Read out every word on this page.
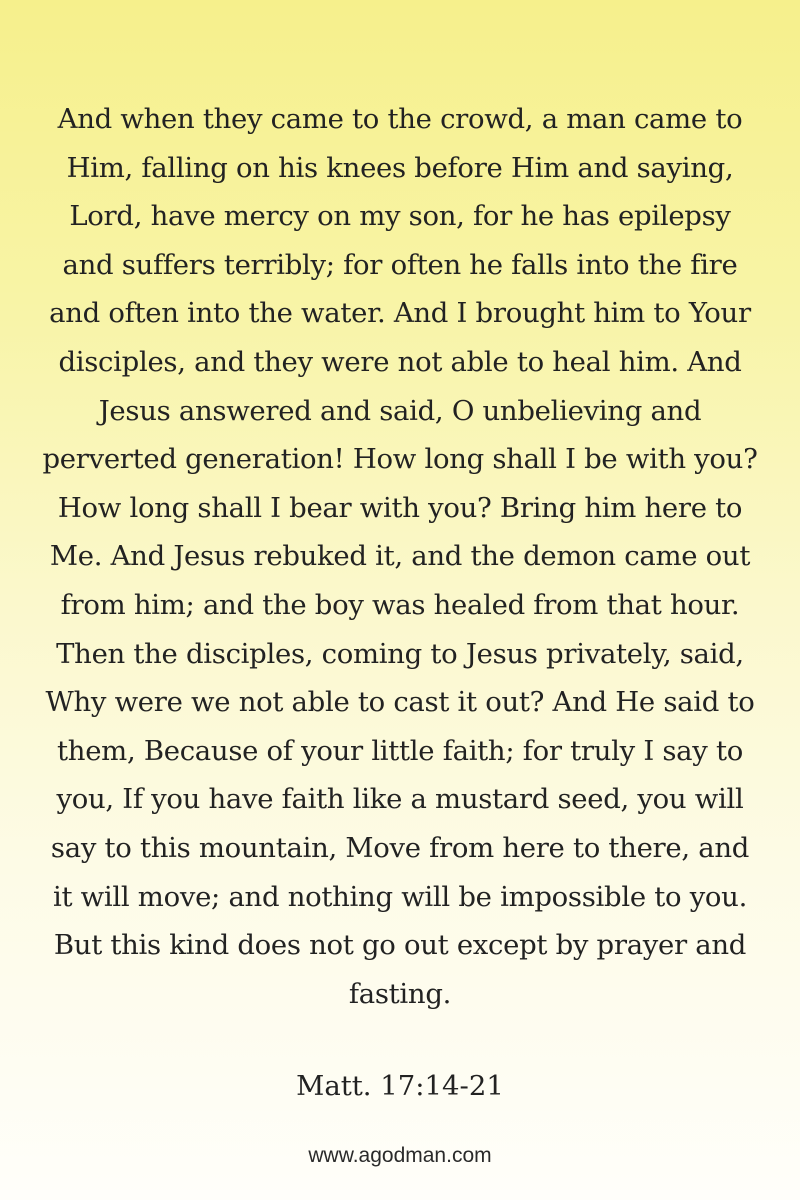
And when they came to the crowd, a man came to Him, falling on his knees before Him and saying, Lord, have mercy on my son, for he has epilepsy and suffers terribly; for often he falls into the fire and often into the water. And I brought him to Your disciples, and they were not able to heal him. And Jesus answered and said, O unbelieving and perverted generation! How long shall I be with you? How long shall I bear with you? Bring him here to Me. And Jesus rebuked it, and the demon came out from him; and the boy was healed from that hour. Then the disciples, coming to Jesus privately, said, Why were we not able to cast it out? And He said to them, Because of your little faith; for truly I say to you, If you have faith like a mustard seed, you will say to this mountain, Move from here to there, and it will move; and nothing will be impossible to you. But this kind does not go out except by prayer and fasting.

Matt. 17:14-21
www.agodman.com
